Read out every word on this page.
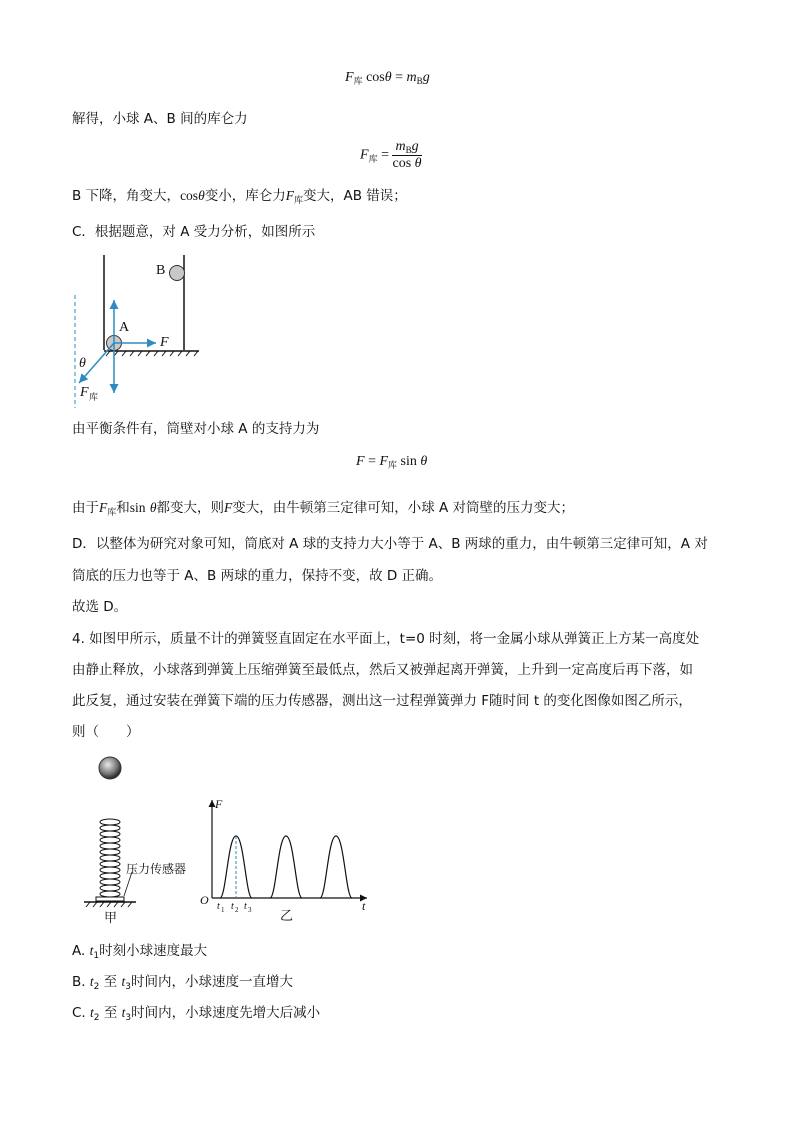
$F_库$ $\cos\theta = m_Bg$
解得，小球 A、B 间的库仑力
$F_库 = \frac{m_Bg}{\text{cos θ}}$
B 下降，角变大，cosθ变小，库仑力$F_库$变大，AB 错误；
C．根据题意，对 A 受力分析，如图所示
B
A
F
θ
F 库
由平衡条件有，筒壁对小球 A 的支持力为
$F = F_库$ sin θ
由于$F_库$和sin θ都变大，则F变大，由牛顿第三定律可知，小球 A 对筒壁的压力变大；
D．以整体为研究对象可知，筒底对 A 球的支持力大小等于 A、B 两球的重力，由牛顿第三定律可知，A 对
筒底的压力也等于 A、B 两球的重力，保持不变，故 D 正确。
故选 D。
4. 如图甲所示，质量不计的弹簧竖直固定在水平面上，t=0 时刻，将一金属小球从弹簧正上方某一高度处
由静止释放，小球落到弹簧上压缩弹簧至最低点，然后又被弹起离开弹簧，上升到一定高度后再下落，如
此反复，通过安装在弹簧下端的压力传感器，测出这一过程弹簧弹力 F随时间 t 的变化图像如图乙所示，
则（　　）
压力传感器
甲
F
t
O t 1 t 2 t 3 乙
A. $t_1$时刻小球速度最大
B. $t_2$ 至 $t_3$时间内，小球速度一直增大
C. $t_2$ 至 $t_3$时间内，小球速度先增大后减小
